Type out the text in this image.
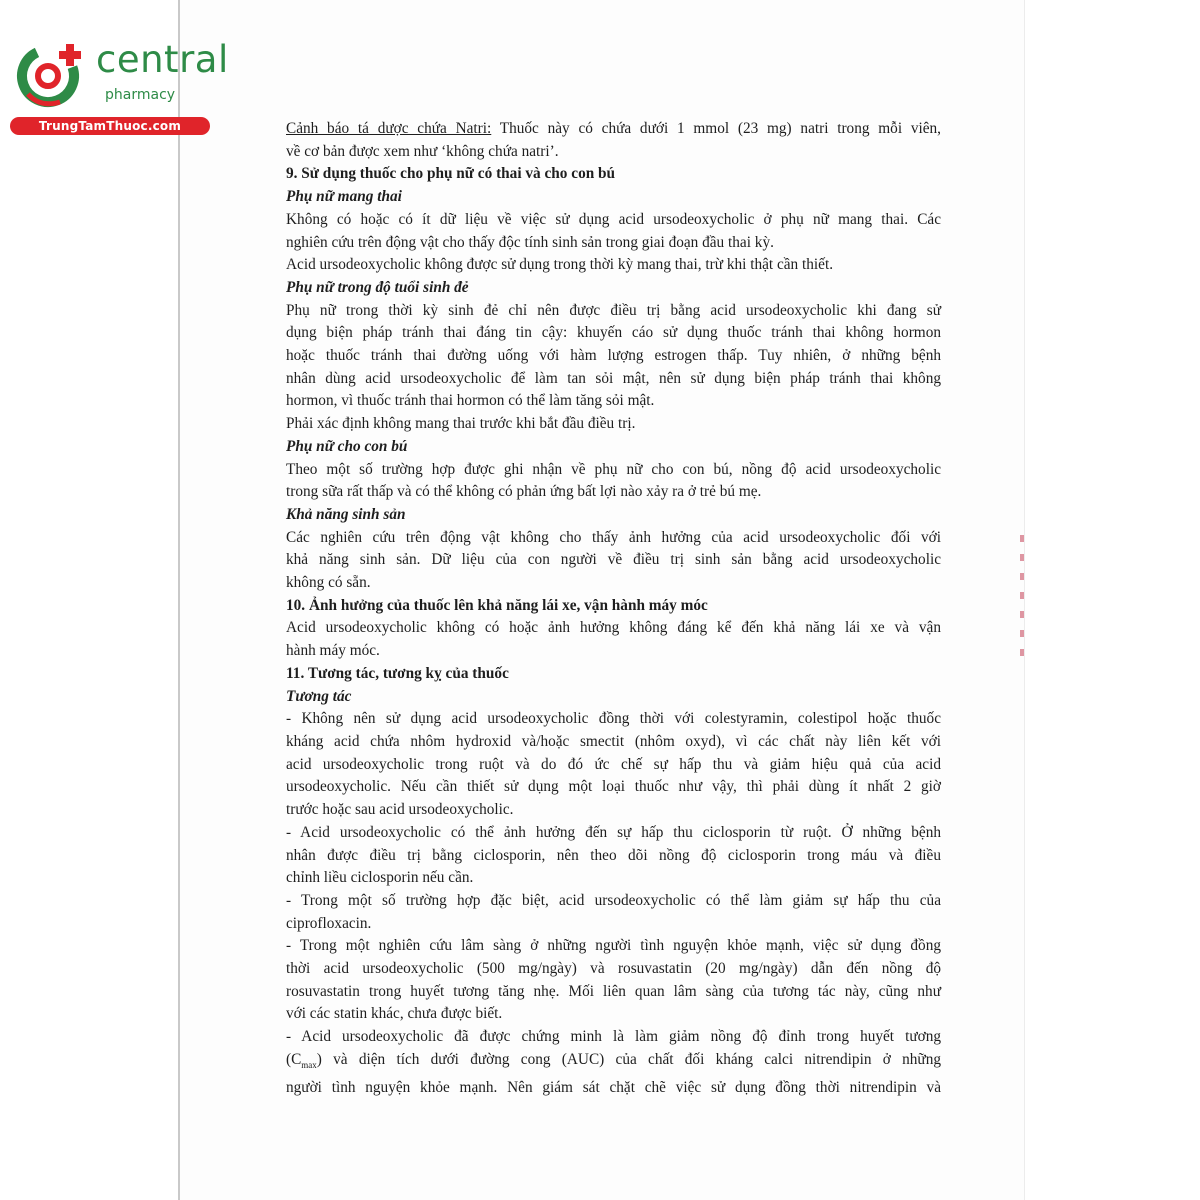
central
pharmacy
TrungTamThuoc.com	Cảnh báo tá dược chứa Natri: Thuốc này có chứa dưới 1 mmol (23 mg) natri trong mỗi viên,
về cơ bản được xem như ‘không chứa natri’.
9. Sử dụng thuốc cho phụ nữ có thai và cho con bú
Phụ nữ mang thai
Không có hoặc có ít dữ liệu về việc sử dụng acid ursodeoxycholic ở phụ nữ mang thai. Các
nghiên cứu trên động vật cho thấy độc tính sinh sản trong giai đoạn đầu thai kỳ.
Acid ursodeoxycholic không được sử dụng trong thời kỳ mang thai, trừ khi thật cần thiết.
Phụ nữ trong độ tuổi sinh đẻ
Phụ nữ trong thời kỳ sinh đẻ chỉ nên được điều trị bằng acid ursodeoxycholic khi đang sử
dụng biện pháp tránh thai đáng tin cậy: khuyến cáo sử dụng thuốc tránh thai không hormon
hoặc thuốc tránh thai đường uống với hàm lượng estrogen thấp. Tuy nhiên, ở những bệnh
nhân dùng acid ursodeoxycholic để làm tan sỏi mật, nên sử dụng biện pháp tránh thai không
hormon, vì thuốc tránh thai hormon có thể làm tăng sỏi mật.
Phải xác định không mang thai trước khi bắt đầu điều trị.
Phụ nữ cho con bú
Theo một số trường hợp được ghi nhận về phụ nữ cho con bú, nồng độ acid ursodeoxycholic
trong sữa rất thấp và có thể không có phản ứng bất lợi nào xảy ra ở trẻ bú mẹ.
Khả năng sinh sản
Các nghiên cứu trên động vật không cho thấy ảnh hưởng của acid ursodeoxycholic đối với
khả năng sinh sản. Dữ liệu của con người về điều trị sinh sản bằng acid ursodeoxycholic
không có sẵn.
10. Ảnh hưởng của thuốc lên khả năng lái xe, vận hành máy móc
Acid ursodeoxycholic không có hoặc ảnh hưởng không đáng kể đến khả năng lái xe và vận
hành máy móc.
11. Tương tác, tương kỵ của thuốc
Tương tác
- Không nên sử dụng acid ursodeoxycholic đồng thời với colestyramin, colestipol hoặc thuốc
kháng acid chứa nhôm hydroxid và/hoặc smectit (nhôm oxyd), vì các chất này liên kết với
acid ursodeoxycholic trong ruột và do đó ức chế sự hấp thu và giảm hiệu quả của acid
ursodeoxycholic. Nếu cần thiết sử dụng một loại thuốc như vậy, thì phải dùng ít nhất 2 giờ
trước hoặc sau acid ursodeoxycholic.
- Acid ursodeoxycholic có thể ảnh hưởng đến sự hấp thu ciclosporin từ ruột. Ở những bệnh
nhân được điều trị bằng ciclosporin, nên theo dõi nồng độ ciclosporin trong máu và điều
chỉnh liều ciclosporin nếu cần.
- Trong một số trường hợp đặc biệt, acid ursodeoxycholic có thể làm giảm sự hấp thu của
ciprofloxacin.
- Trong một nghiên cứu lâm sàng ở những người tình nguyện khỏe mạnh, việc sử dụng đồng
thời acid ursodeoxycholic (500 mg/ngày) và rosuvastatin (20 mg/ngày) dẫn đến nồng độ
rosuvastatin trong huyết tương tăng nhẹ. Mối liên quan lâm sàng của tương tác này, cũng như
với các statin khác, chưa được biết.
- Acid ursodeoxycholic đã được chứng minh là làm giảm nồng độ đỉnh trong huyết tương
$(C_{max})$ và diện tích dưới đường cong (AUC) của chất đối kháng calci nitrendipin ở những
người tình nguyện khỏe mạnh. Nên giám sát chặt chẽ việc sử dụng đồng thời nitrendipin và
